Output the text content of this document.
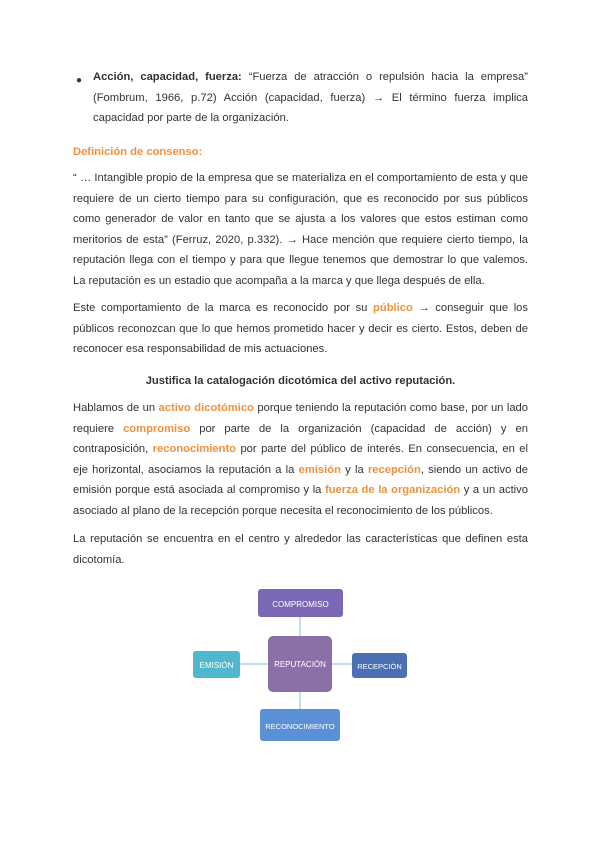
● Acción, capacidad, fuerza: “Fuerza de atracción o repulsión hacia la empresa” (Fombrum, 1966, p.72) Acción (capacidad, fuerza) → El término fuerza implica capacidad por parte de la organización.

Definición de consenso:

“ … Intangible propio de la empresa que se materializa en el comportamiento de esta y que requiere de un cierto tiempo para su configuración, que es reconocido por sus públicos como generador de valor en tanto que se ajusta a los valores que estos estiman como meritorios de esta” (Ferruz, 2020, p.332). → Hace mención que requiere cierto tiempo, la reputación llega con el tiempo y para que llegue tenemos que demostrar lo que valemos. La reputación es un estadio que acompaña a la marca y que llega después de ella.

Este comportamiento de la marca es reconocido por su público → conseguir que los públicos reconozcan que lo que hemos prometido hacer y decir es cierto. Estos, deben de reconocer esa responsabilidad de mis actuaciones.

Justifica la catalogación dicotómica del activo reputación.

Hablamos de un activo dicotómico porque teniendo la reputación como base, por un lado requiere compromiso por parte de la organización (capacidad de acción) y en contraposición, reconocimiento por parte del público de interés. En consecuencia, en el eje horizontal, asociamos la reputación a la emisión y la recepción, siendo un activo de emisión porque está asociada al compromiso y la fuerza de la organización y a un activo asociado al plano de la recepción porque necesita el reconocimiento de los públicos.

La reputación se encuentra en el centro y alrededor las características que definen esta dicotomía.

COMPROMISO
REPUTACIÓN
EMISIÓN	RECEPCIÓN
RECONOCIMIENTO
